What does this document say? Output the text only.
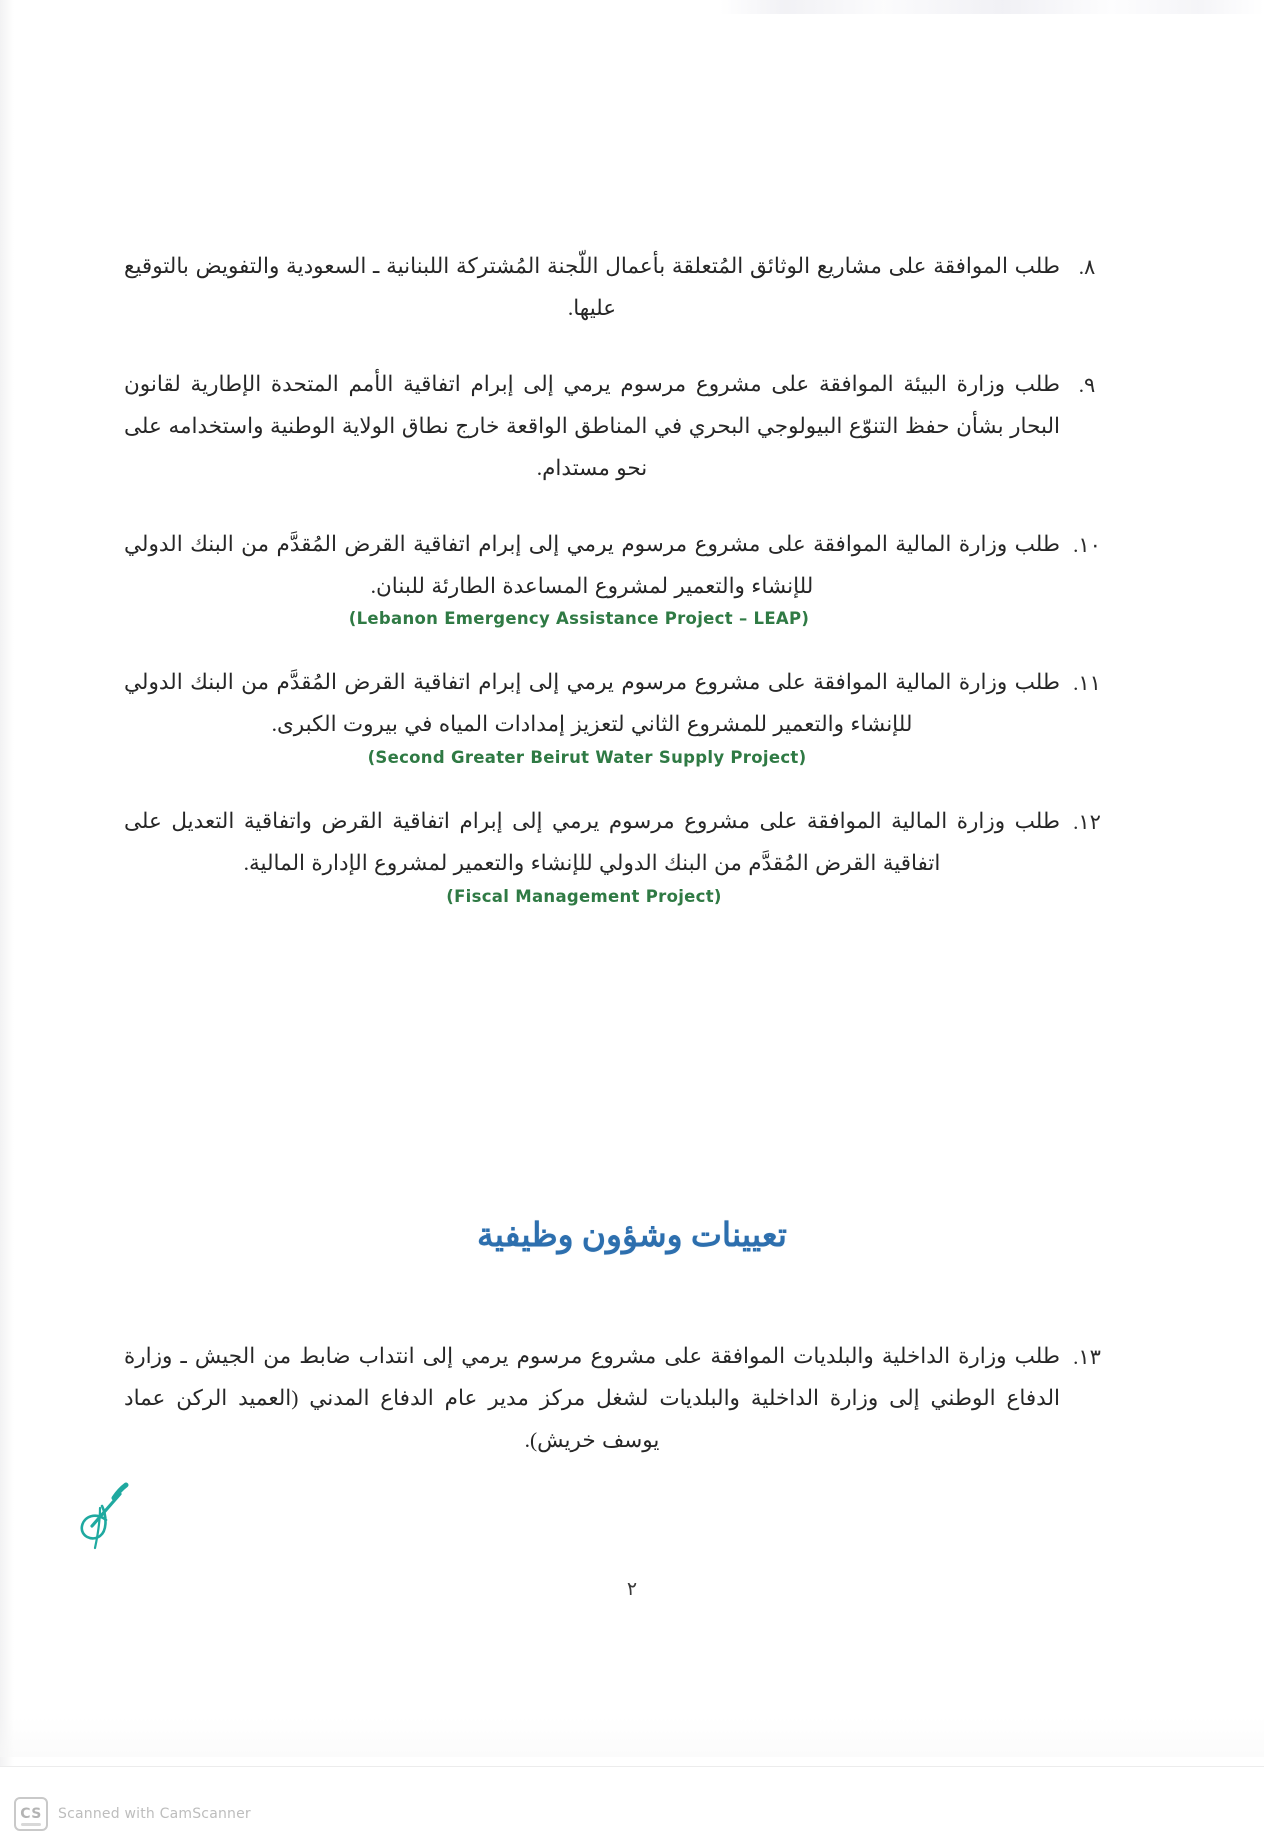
٨.
طلب الموافقة على مشاريع الوثائق المُتعلقة بأعمال اللّجنة المُشتركة اللبنانية ـ السعودية والتفويض بالتوقيع عليها.
٩.
طلب وزارة البيئة الموافقة على مشروع مرسوم يرمي إلى إبرام اتفاقية الأمم المتحدة الإطارية لقانون البحار بشأن حفظ التنوّع البيولوجي البحري في المناطق الواقعة خارج نطاق الولاية الوطنية واستخدامه على نحو مستدام.
١٠.
طلب وزارة المالية الموافقة على مشروع مرسوم يرمي إلى إبرام اتفاقية القرض المُقدَّم من البنك الدولي للإنشاء والتعمير لمشروع المساعدة الطارئة للبنان.
(Lebanon Emergency Assistance Project – LEAP)
١١.
طلب وزارة المالية الموافقة على مشروع مرسوم يرمي إلى إبرام اتفاقية القرض المُقدَّم من البنك الدولي للإنشاء والتعمير للمشروع الثاني لتعزيز إمدادات المياه في بيروت الكبرى.
(Second Greater Beirut Water Supply Project)
١٢.
طلب وزارة المالية الموافقة على مشروع مرسوم يرمي إلى إبرام اتفاقية القرض واتفاقية التعديل على اتفاقية القرض المُقدَّم من البنك الدولي للإنشاء والتعمير لمشروع الإدارة المالية.
(Fiscal Management Project)
تعيينات وشؤون وظيفية
١٣.
طلب وزارة الداخلية والبلديات الموافقة على مشروع مرسوم يرمي إلى انتداب ضابط من الجيش ـ وزارة الدفاع الوطني إلى وزارة الداخلية والبلديات لشغل مركز مدير عام الدفاع المدني (العميد الركن عماد يوسف خريش).
٢
CS	Scanned with CamScanner
